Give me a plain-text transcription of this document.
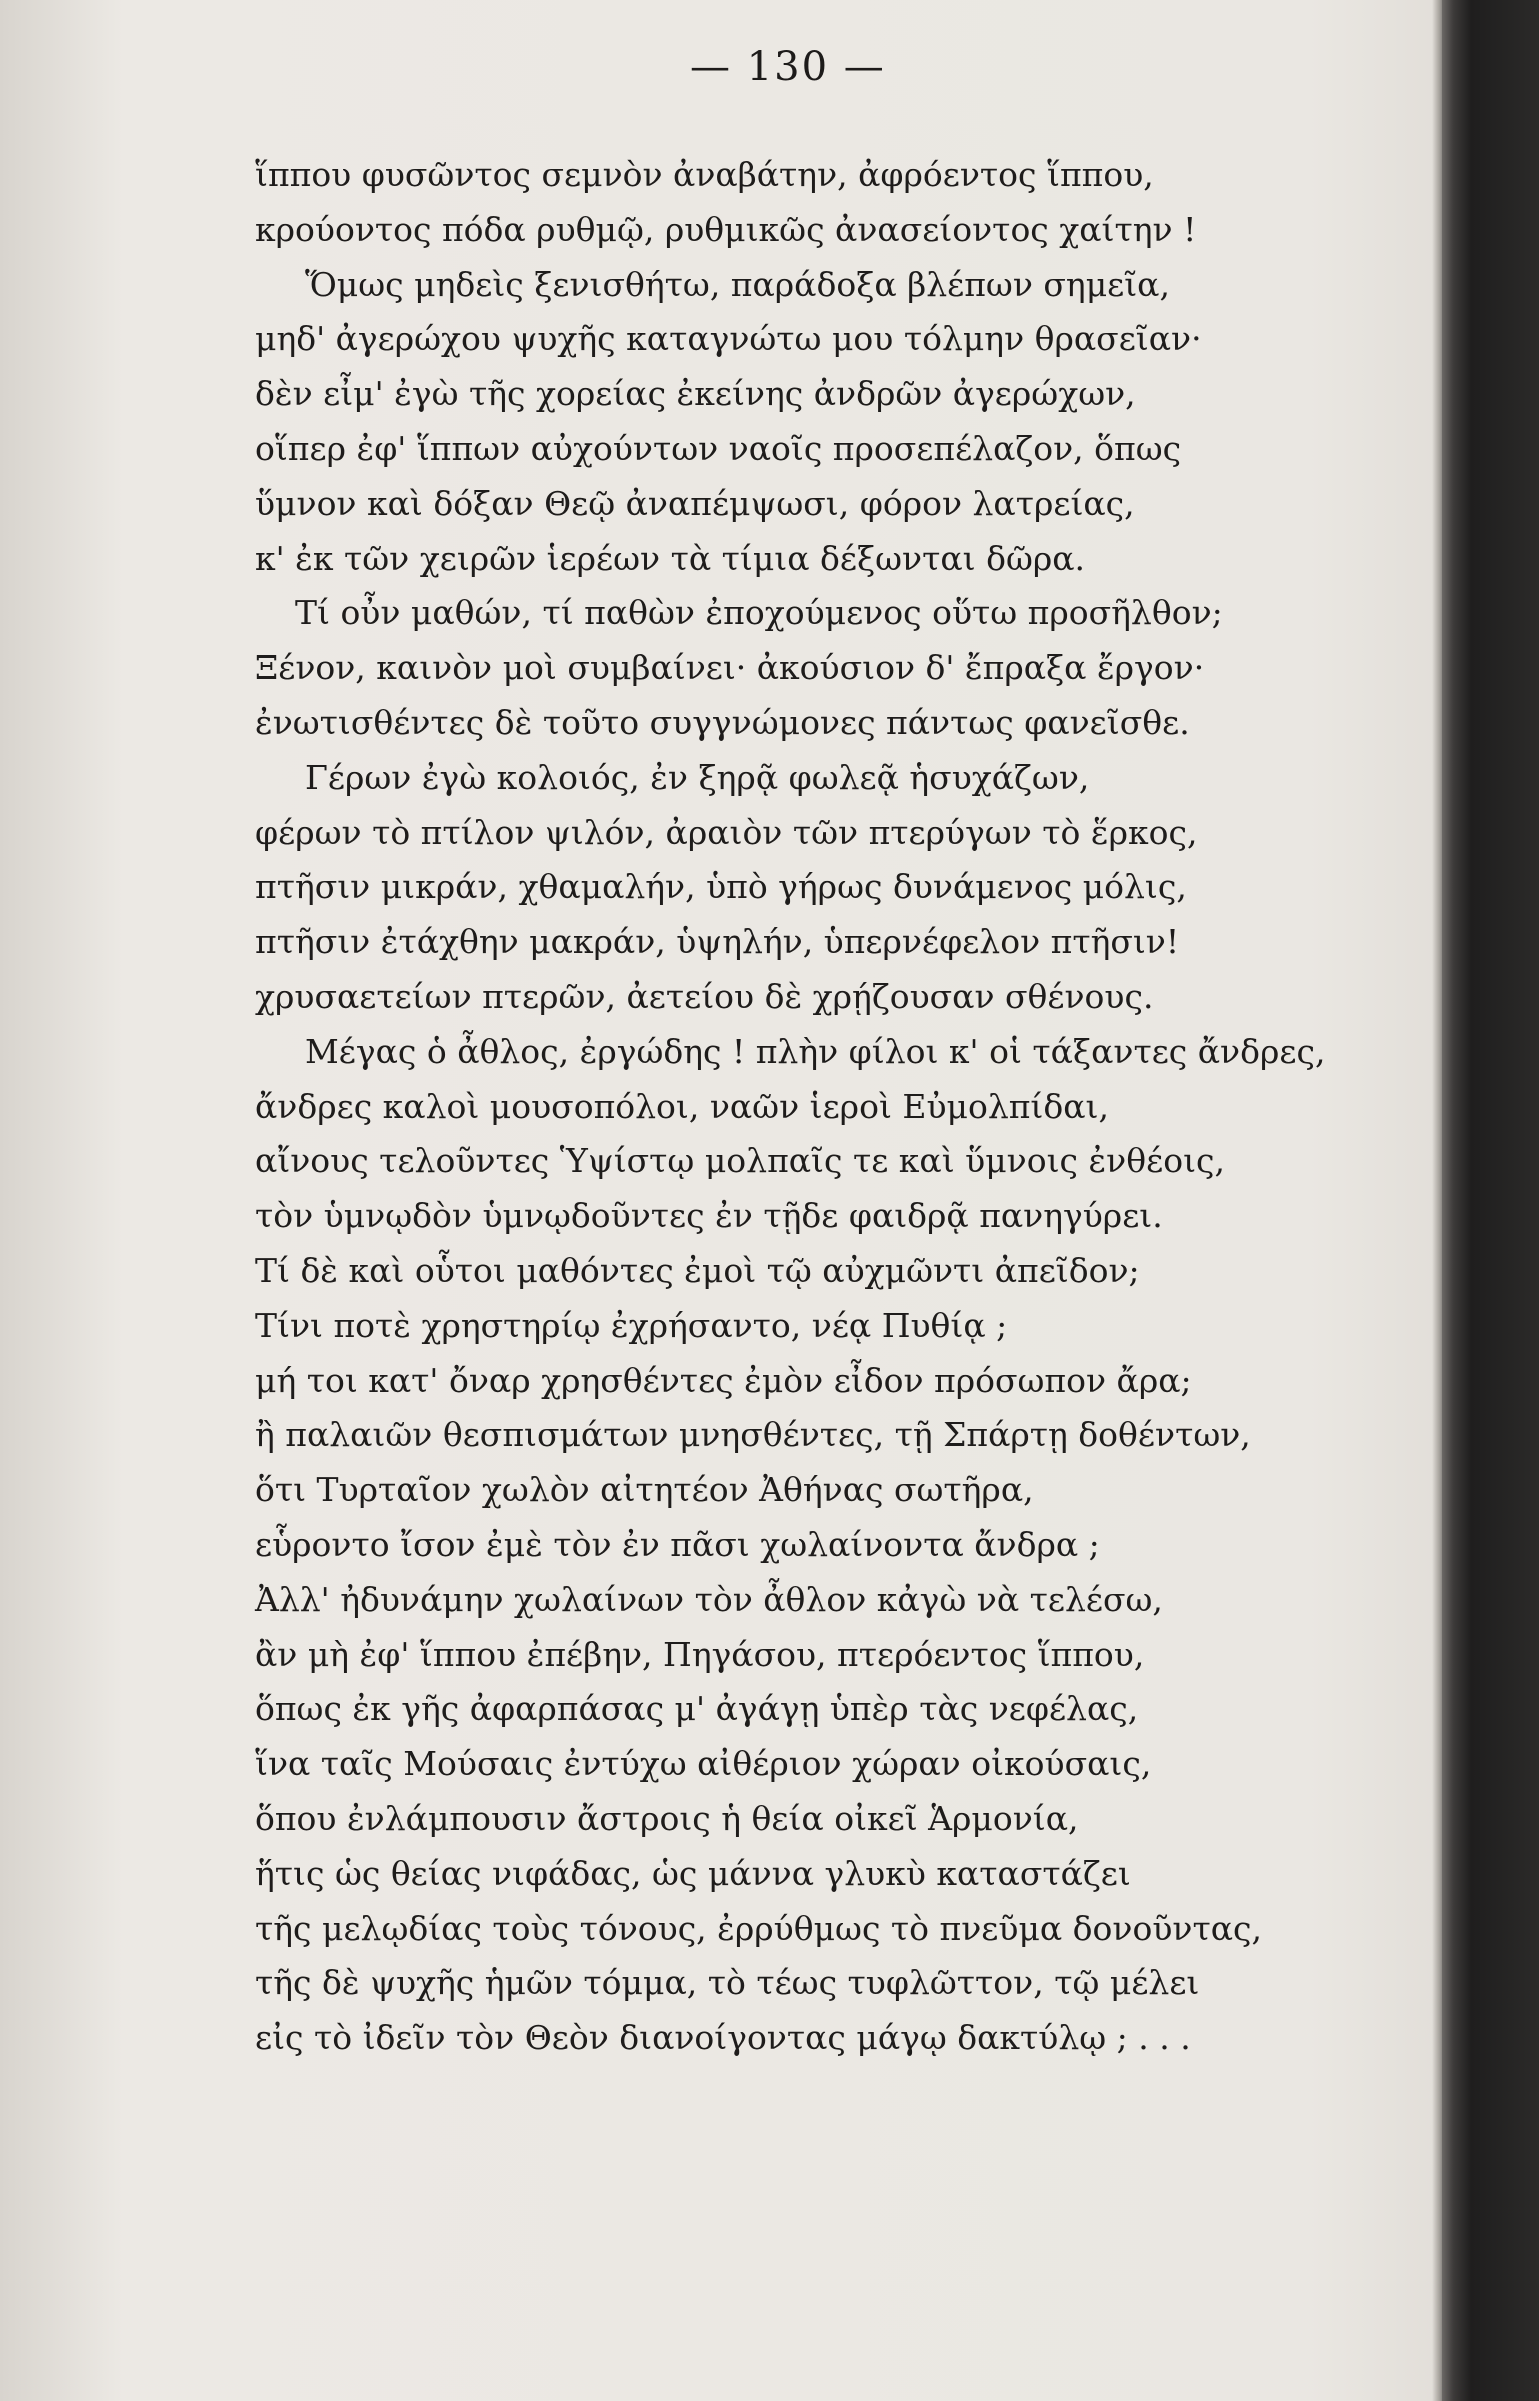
— 130 —
ἵππου φυσῶντος σεμνὸν ἀναβάτην, ἀφρόεντος ἵππου,
κρούοντος πόδα ρυθμῷ, ρυθμικῶς ἀνασείοντος χαίτην !
Ὅμως μηδεὶς ξενισθήτω, παράδοξα βλέπων σημεῖα,
μηδ' ἀγερώχου ψυχῆς καταγνώτω μου τόλμην θρασεῖαν·
δὲν εἶμ' ἐγὼ τῆς χορείας ἐκείνης ἀνδρῶν ἀγερώχων,
οἵπερ ἐφ' ἵππων αὐχούντων ναοῖς προσεπέλαζον, ὅπως
ὕμνον καὶ δόξαν Θεῷ ἀναπέμψωσι, φόρον λατρείας,
κ' ἐκ τῶν χειρῶν ἱερέων τὰ τίμια δέξωνται δῶρα.
Τί οὖν μαθών, τί παθὼν ἐποχούμενος οὕτω προσῆλθον;
Ξένον, καινὸν μοὶ συμβαίνει· ἀκούσιον δ' ἔπραξα ἔργον·
ἐνωτισθέντες δὲ τοῦτο συγγνώμονες πάντως φανεῖσθε.
Γέρων ἐγὼ κολοιός, ἐν ξηρᾷ φωλεᾷ ἡσυχάζων,
φέρων τὸ πτίλον ψιλόν, ἀραιὸν τῶν πτερύγων τὸ ἕρκος,
πτῆσιν μικράν, χθαμαλήν, ὑπὸ γήρως δυνάμενος μόλις,
πτῆσιν ἐτάχθην μακράν, ὑψηλήν, ὑπερνέφελον πτῆσιν!
χρυσαετείων πτερῶν, ἀετείου δὲ χρῄζουσαν σθένους.
Μέγας ὁ ἆθλος, ἐργώδης ! πλὴν φίλοι κ' οἱ τάξαντες ἄνδρες,
ἄνδρες καλοὶ μουσοπόλοι, ναῶν ἱεροὶ Εὐμολπίδαι,
αἴνους τελοῦντες Ὑψίστῳ μολπαῖς τε καὶ ὕμνοις ἐνθέοις,
τὸν ὑμνῳδὸν ὑμνῳδοῦντες ἐν τῇδε φαιδρᾷ πανηγύρει.
Τί δὲ καὶ οὗτοι μαθόντες ἐμοὶ τῷ αὐχμῶντι ἀπεῖδον;
Τίνι ποτὲ χρηστηρίῳ ἐχρήσαντο, νέᾳ Πυθίᾳ ;
μή τοι κατ' ὄναρ χρησθέντες ἐμὸν εἶδον πρόσωπον ἄρα;
ἢ παλαιῶν θεσπισμάτων μνησθέντες, τῇ Σπάρτῃ δοθέντων,
ὅτι Τυρταῖον χωλὸν αἰτητέον Ἀθήνας σωτῆρα,
εὗροντο ἴσον ἐμὲ τὸν ἐν πᾶσι χωλαίνοντα ἄνδρα ;
Ἀλλ' ἠδυνάμην χωλαίνων τὸν ἆθλον κἀγὼ νὰ τελέσω,
ἂν μὴ ἐφ' ἵππου ἐπέβην, Πηγάσου, πτερόεντος ἵππου,
ὅπως ἐκ γῆς ἀφαρπάσας μ' ἀγάγῃ ὑπὲρ τὰς νεφέλας,
ἵνα ταῖς Μούσαις ἐντύχω αἰθέριον χώραν οἰκούσαις,
ὅπου ἐνλάμπουσιν ἄστροις ἡ θεία οἰκεῖ Ἁρμονία,
ἥτις ὡς θείας νιφάδας, ὡς μάννα γλυκὺ καταστάζει
τῆς μελῳδίας τοὺς τόνους, ἐρρύθμως τὸ πνεῦμα δονοῦντας,
τῆς δὲ ψυχῆς ἡμῶν τόμμα, τὸ τέως τυφλῶττον, τῷ μέλει
εἰς τὸ ἰδεῖν τὸν Θεὸν διανοίγοντας μάγῳ δακτύλῳ ; . . .
